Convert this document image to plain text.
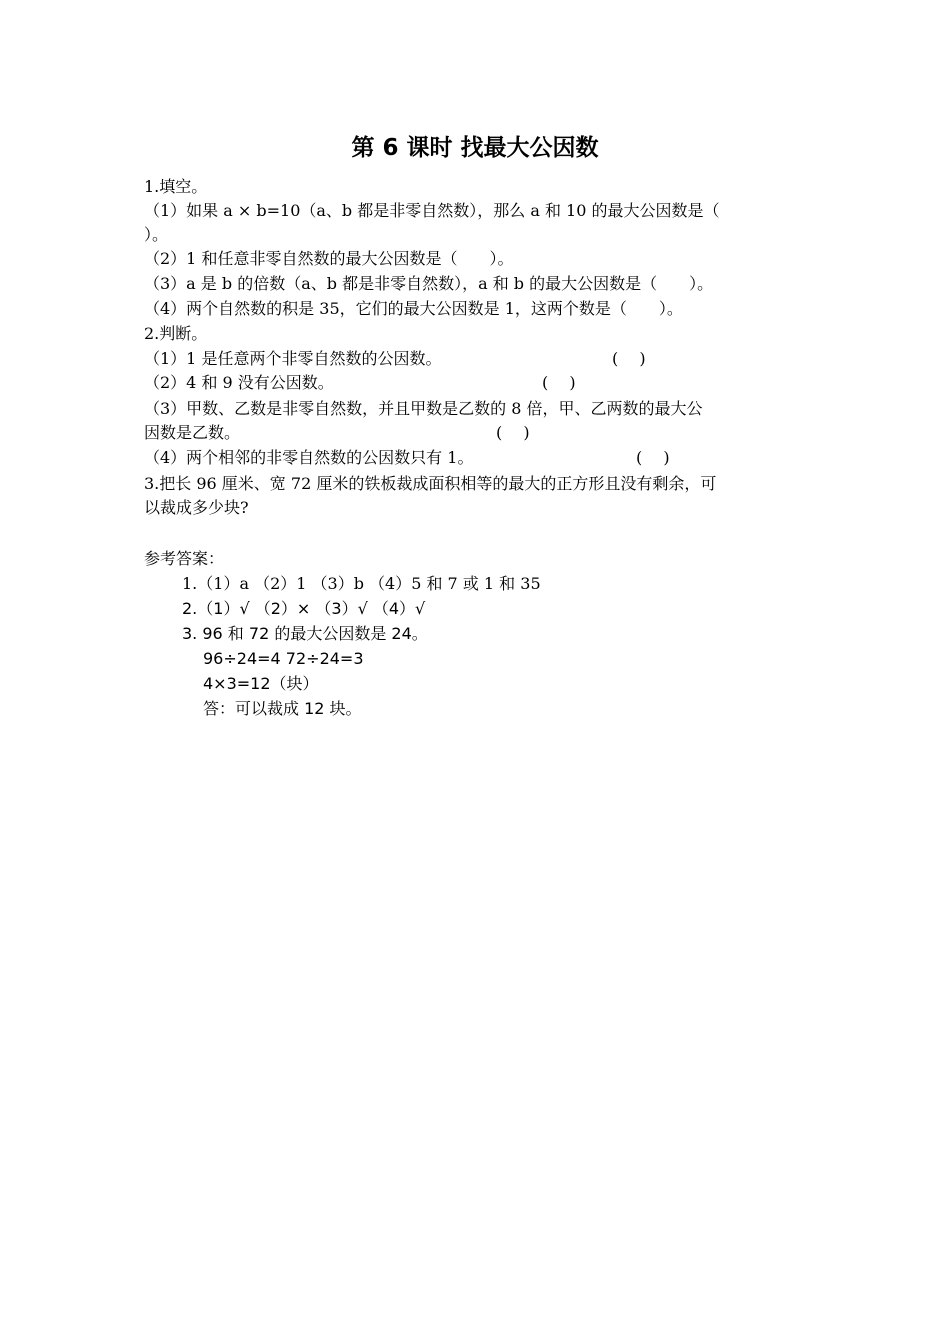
第 6 课时 找最大公因数
1.填空。
（1）如果 a × b=10（a、b 都是非零自然数），那么 a 和 10 的最大公因数是（
）。
（2）1 和任意非零自然数的最大公因数是（　　）。
（3）a 是 b 的倍数（a、b 都是非零自然数），a 和 b 的最大公因数是（　　）。
（4）两个自然数的积是 35，它们的最大公因数是 1，这两个数是（　　）。
2.判断。
（1）1 是任意两个非零自然数的公因数。	(　 )
（2）4 和 9 没有公因数。	(　 )
（3）甲数、乙数是非零自然数，并且甲数是乙数的 8 倍，甲、乙两数的最大公
因数是乙数。	(　 )
（4）两个相邻的非零自然数的公因数只有 1。	(　 )
3.把长 96 厘米、宽 72 厘米的铁板裁成面积相等的最大的正方形且没有剩余，可
以裁成多少块?
参考答案：
1.（1）a （2）1 （3）b （4）5 和 7 或 1 和 35
2.（1）√ （2）× （3）√ （4）√
3. 96 和 72 的最大公因数是 24。
96÷24=4 72÷24=3
4×3=12（块）
答：可以裁成 12 块。
